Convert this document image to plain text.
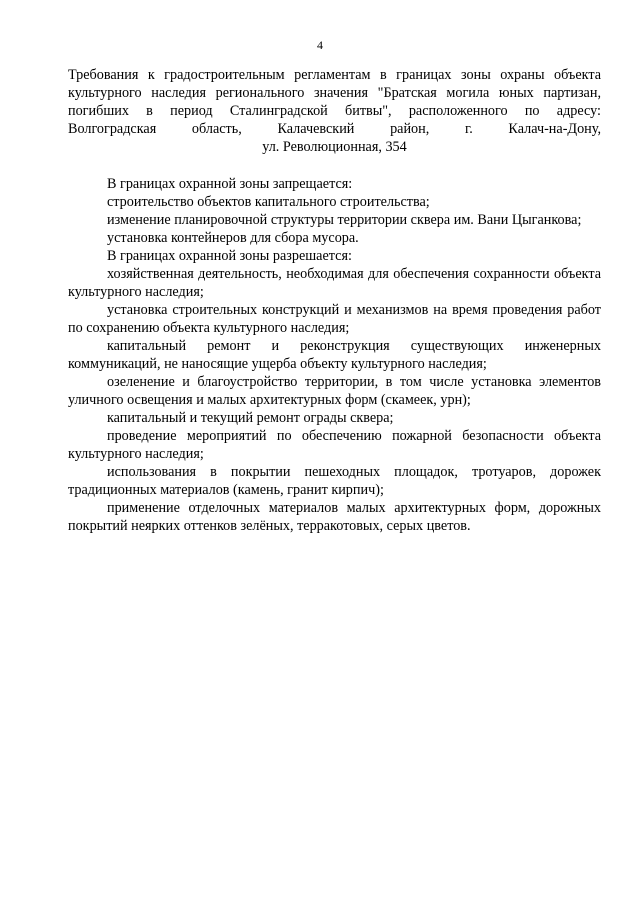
4

Требования к градостроительным регламентам в границах зоны охраны объекта

культурного наследия регионального значения "Братская могила юных партизан,

погибших в период Сталинградской битвы", расположенного по адресу:

Волгоградская область, Калачевский район, г. Калач-на-Дону,

ул. Революционная, 354

В границах охранной зоны запрещается:

строительство объектов капитального строительства;

изменение планировочной структуры территории сквера им. Вани Цыганкова;

установка контейнеров для сбора мусора.

В границах охранной зоны разрешается:

хозяйственная деятельность, необходимая для обеспечения сохранности объекта культурного наследия;

установка строительных конструкций и механизмов на время проведения работ по сохранению объекта культурного наследия;

капитальный ремонт и реконструкция существующих инженерных коммуникаций, не наносящие ущерба объекту культурного наследия;

озеленение и благоустройство территории, в том числе установка элементов уличного освещения и малых архитектурных форм (скамеек, урн);

капитальный и текущий ремонт ограды сквера;

проведение мероприятий по обеспечению пожарной безопасности объекта культурного наследия;

использования в покрытии пешеходных площадок, тротуаров, дорожек традиционных материалов (камень, гранит кирпич);

применение отделочных материалов малых архитектурных форм, дорожных покрытий неярких оттенков зелёных, терракотовых, серых цветов.
